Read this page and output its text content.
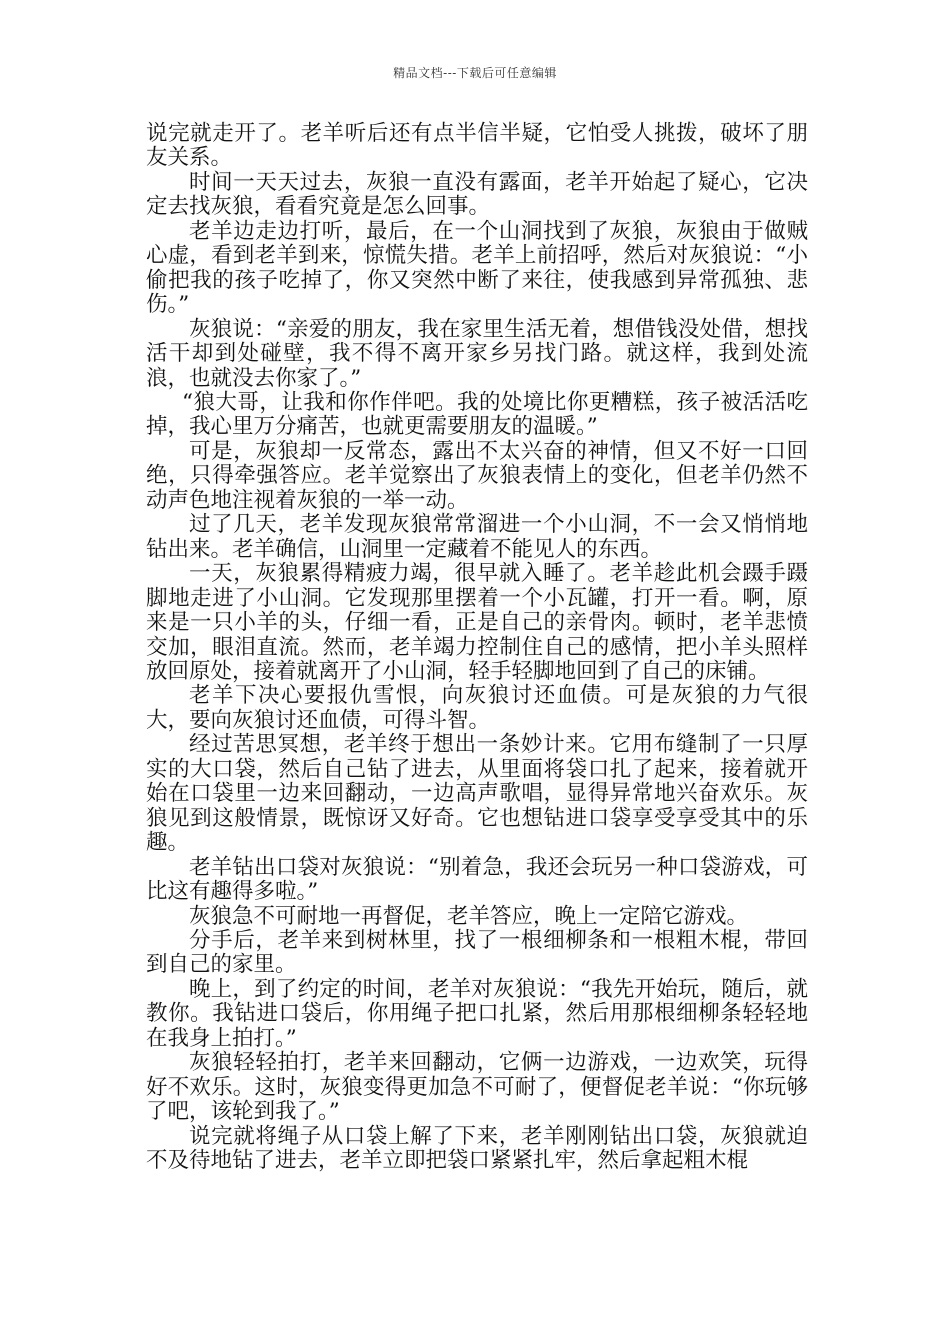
精品文档---下载后可任意编辑

说完就走开了。老羊听后还有点半信半疑，它怕受人挑拨，破坏了朋友关系。

时间一天天过去，灰狼一直没有露面，老羊开始起了疑心，它决定去找灰狼，看看究竟是怎么回事。

老羊边走边打听，最后，在一个山洞找到了灰狼，灰狼由于做贼心虚，看到老羊到来，惊慌失措。老羊上前招呼，然后对灰狼说：“小偷把我的孩子吃掉了，你又突然中断了来往，使我感到异常孤独、悲伤。”

灰狼说：“亲爱的朋友，我在家里生活无着，想借钱没处借，想找活干却到处碰壁，我不得不离开家乡另找门路。就这样，我到处流浪，也就没去你家了。”

“狼大哥，让我和你作伴吧。我的处境比你更糟糕，孩子被活活吃掉，我心里万分痛苦，也就更需要朋友的温暖。”

可是，灰狼却一反常态，露出不太兴奋的神情，但又不好一口回绝，只得牵强答应。老羊觉察出了灰狼表情上的变化，但老羊仍然不动声色地注视着灰狼的一举一动。

过了几天，老羊发现灰狼常常溜进一个小山洞，不一会又悄悄地钻出来。老羊确信，山洞里一定藏着不能见人的东西。

一天，灰狼累得精疲力竭，很早就入睡了。老羊趁此机会蹑手蹑脚地走进了小山洞。它发现那里摆着一个小瓦罐，打开一看。啊，原来是一只小羊的头，仔细一看，正是自己的亲骨肉。顿时，老羊悲愤交加，眼泪直流。然而，老羊竭力控制住自己的感情，把小羊头照样放回原处，接着就离开了小山洞，轻手轻脚地回到了自己的床铺。

老羊下决心要报仇雪恨，向灰狼讨还血债。可是灰狼的力气很大，要向灰狼讨还血债，可得斗智。

经过苦思冥想，老羊终于想出一条妙计来。它用布缝制了一只厚实的大口袋，然后自己钻了进去，从里面将袋口扎了起来，接着就开始在口袋里一边来回翻动，一边高声歌唱，显得异常地兴奋欢乐。灰狼见到这般情景，既惊讶又好奇。它也想钻进口袋享受享受其中的乐趣。

老羊钻出口袋对灰狼说：“别着急，我还会玩另一种口袋游戏，可比这有趣得多啦。”

灰狼急不可耐地一再督促，老羊答应，晚上一定陪它游戏。

分手后，老羊来到树林里，找了一根细柳条和一根粗木棍，带回到自己的家里。

晚上，到了约定的时间，老羊对灰狼说：“我先开始玩，随后，就教你。我钻进口袋后，你用绳子把口扎紧，然后用那根细柳条轻轻地在我身上拍打。”

灰狼轻轻拍打，老羊来回翻动，它俩一边游戏，一边欢笑，玩得好不欢乐。这时，灰狼变得更加急不可耐了，便督促老羊说：“你玩够了吧，该轮到我了。”

说完就将绳子从口袋上解了下来，老羊刚刚钻出口袋，灰狼就迫不及待地钻了进去，老羊立即把袋口紧紧扎牢，然后拿起粗木棍
